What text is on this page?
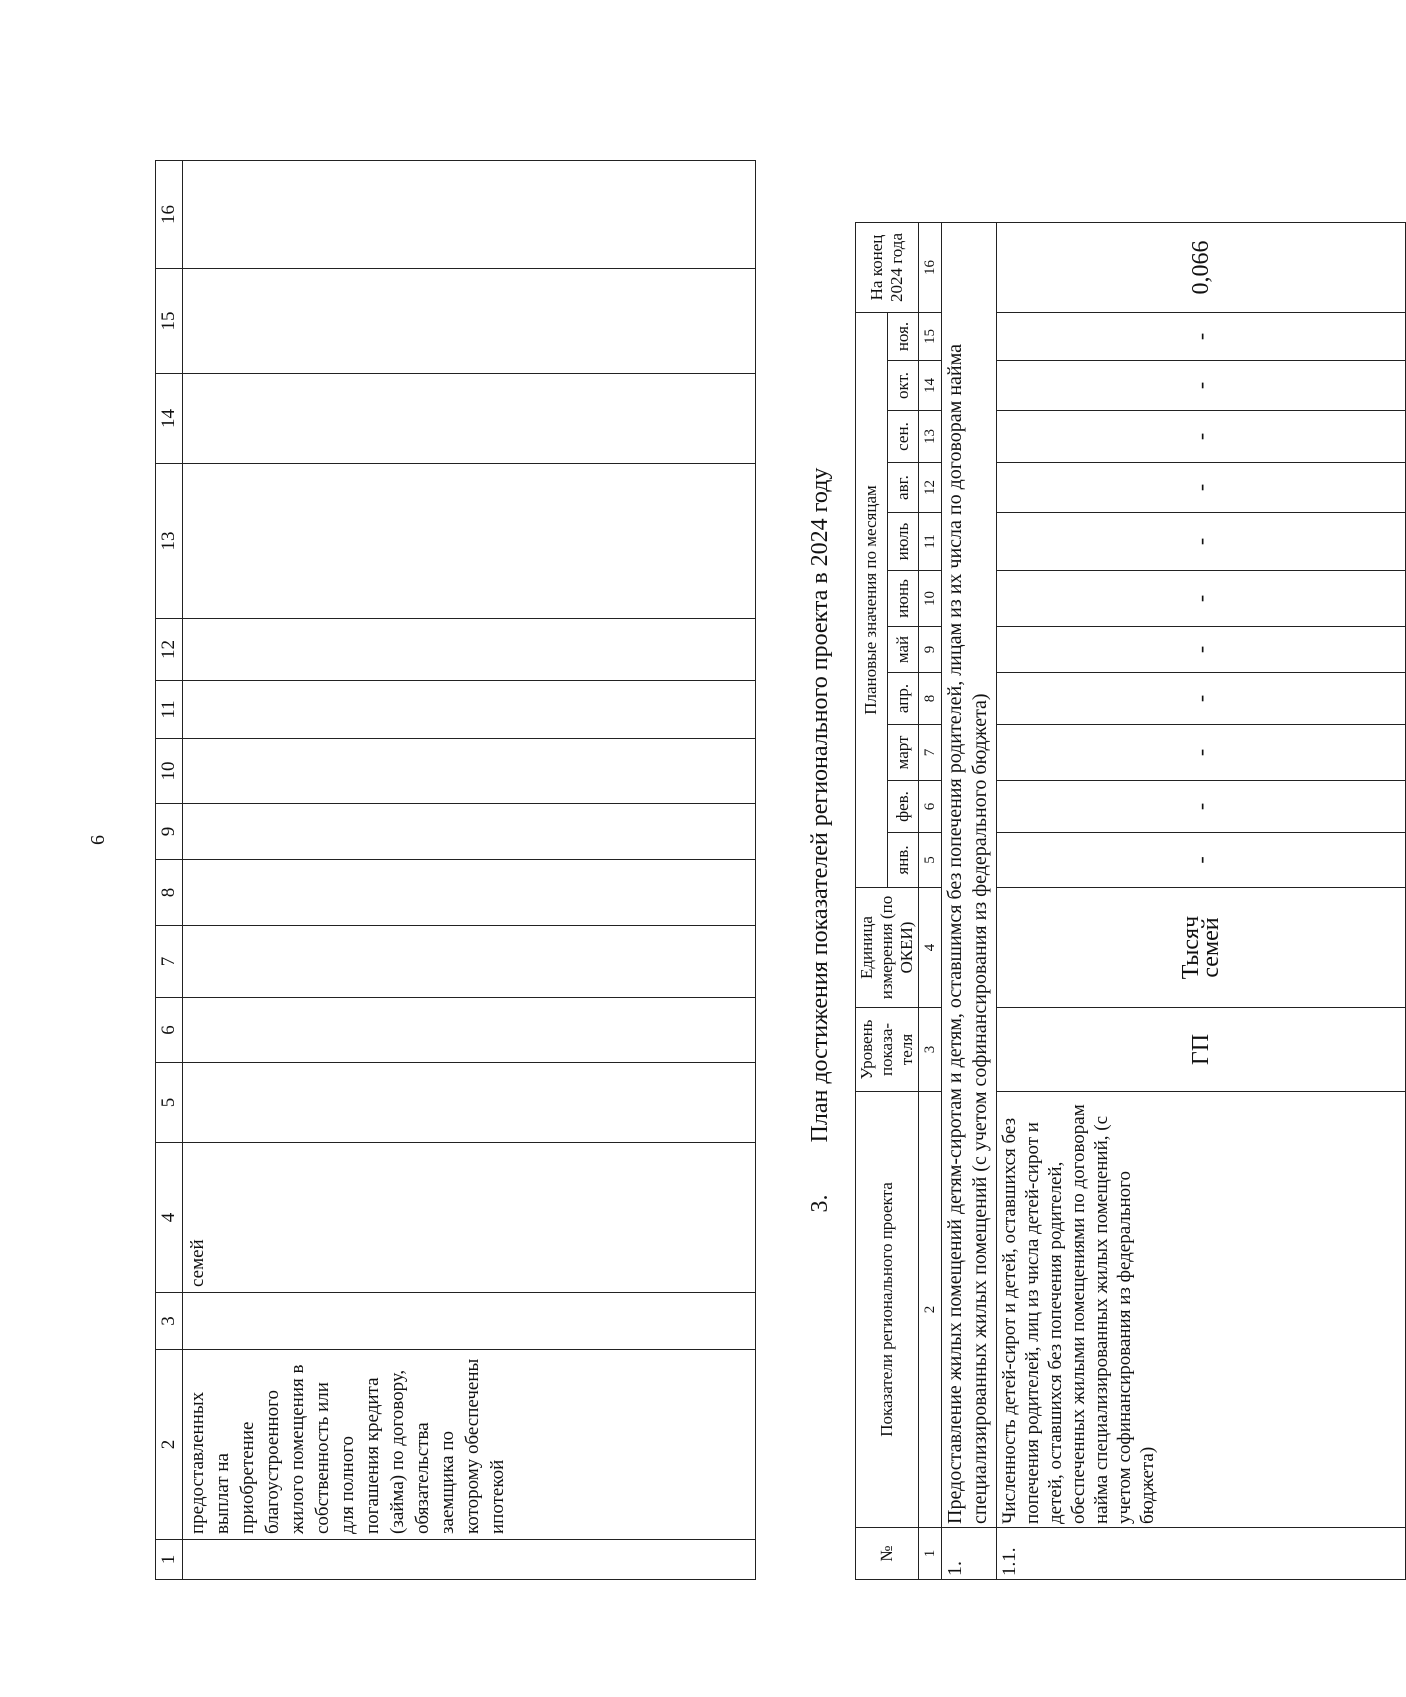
6
1	2	3	4	5	6	7	8	9	10	11	12	13	14	15	16
	предоставленных выплат на приобретение благоустроенного жилого помещения в собственность или для полного погашения кредита (займа) по договору, обязательства заемщика по которому обеспечены ипотекой		семей												
3.План достижения показателей регионального проекта в 2024 году
№	Показатели регионального проекта	Уровень показа- теля	Единица измерения (по ОКЕИ)	Плановые значения по месяцам											На конец 2024 года
				янв.	фев.	март	апр.	май	июнь	июль	авг.	сен.	окт.	ноя.	
1	2	3	4	5	6	7	8	9	10	11	12	13	14	15	16
1.	Предоставление жилых помещений детям-сиротам и детям, оставшимся без попечения родителей, лицам из их числа по договорам найма специализированных жилых помещений (с учетом софинансирования из федерального бюджета)														
1.1.	Численность детей-сирот и детей, оставшихся без попечения родителей, лиц из числа детей-сирот и детей, оставшихся без попечения родителей, обеспеченных жилыми помещениями по договорам найма специализированных жилых помещений, (с учетом софинансирования из федерального бюджета)	ГП	Тысяч семей	-	-	-	-	-	-	-	-	-	-	-	0,066
